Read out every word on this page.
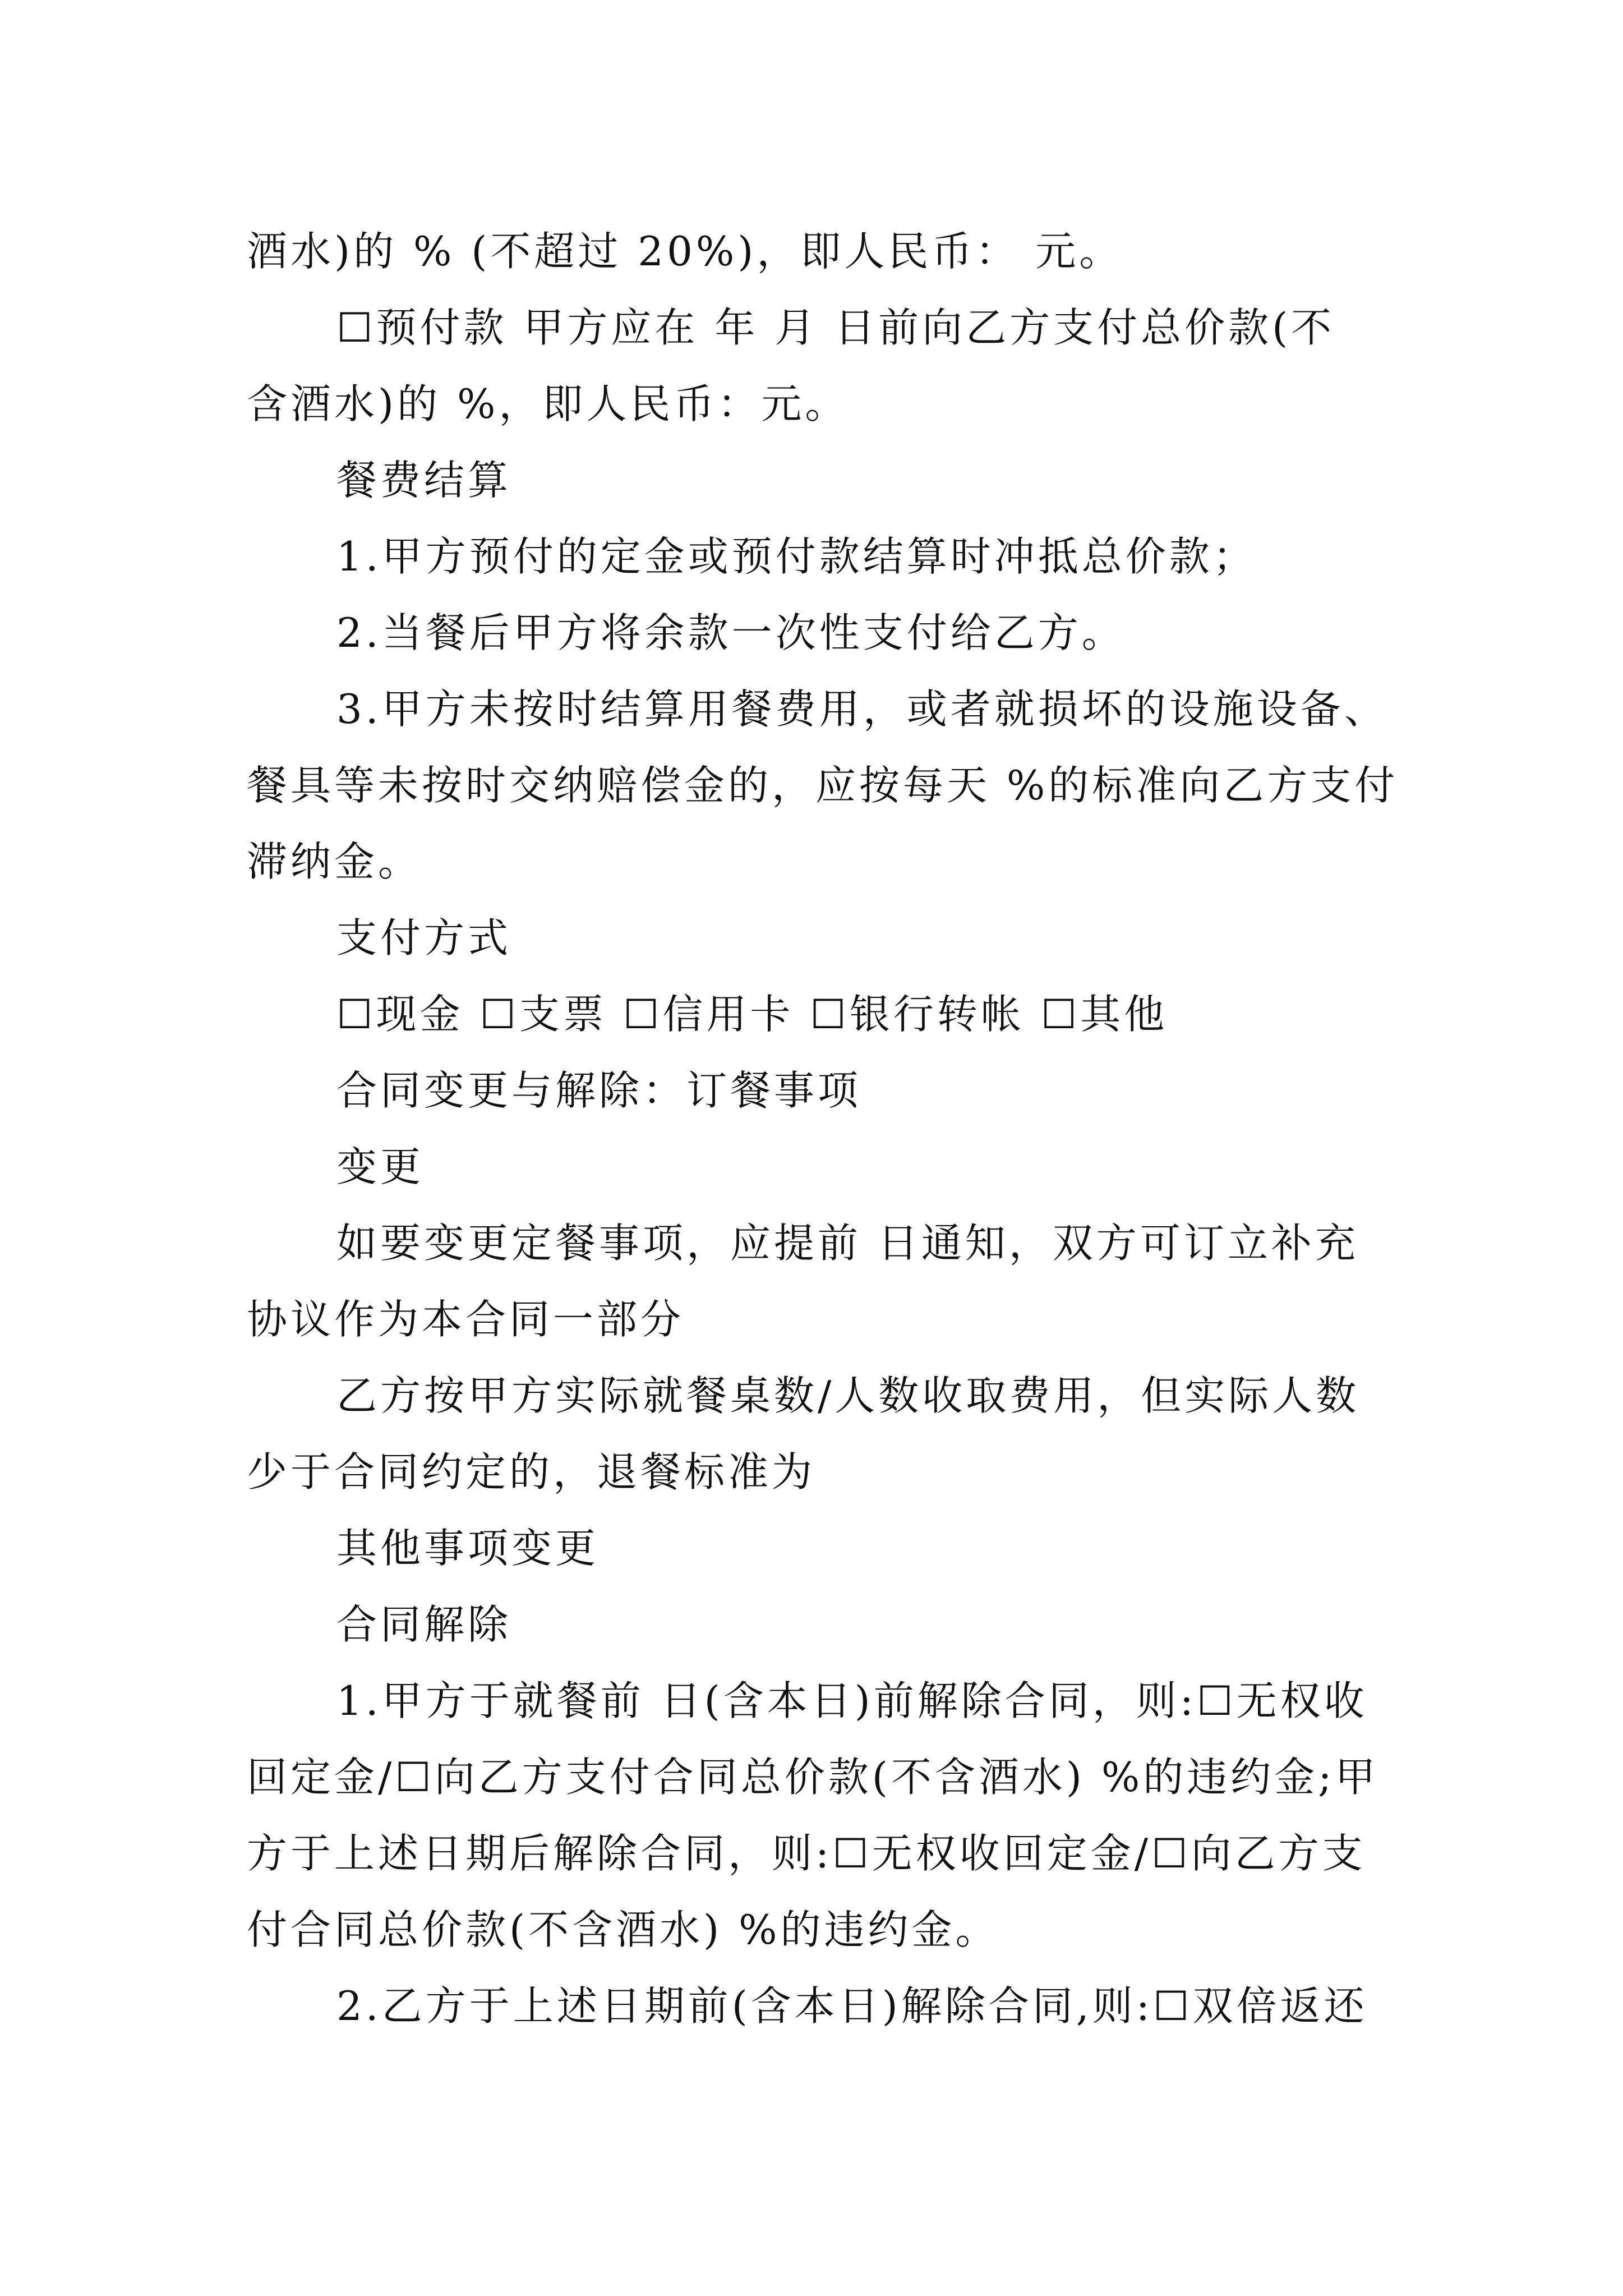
酒水)的 % (不超过 20%)，即人民币： 元。
☐预付款 甲方应在 年 月 日前向乙方支付总价款(不
含酒水)的 %，即人民币：元。
餐费结算
1.甲方预付的定金或预付款结算时冲抵总价款；
2.当餐后甲方将余款一次性支付给乙方。
3.甲方未按时结算用餐费用，或者就损坏的设施设备、
餐具等未按时交纳赔偿金的，应按每天 %的标准向乙方支付
滞纳金。
支付方式
☐现金 ☐支票 ☐信用卡 ☐银行转帐 ☐其他
合同变更与解除：订餐事项
变更
如要变更定餐事项，应提前 日通知，双方可订立补充
协议作为本合同一部分
乙方按甲方实际就餐桌数/人数收取费用，但实际人数
少于合同约定的，退餐标准为
其他事项变更
合同解除
1.甲方于就餐前 日(含本日)前解除合同，则:☐无权收
回定金/☐向乙方支付合同总价款(不含酒水) %的违约金;甲
方于上述日期后解除合同，则:☐无权收回定金/☐向乙方支
付合同总价款(不含酒水) %的违约金。
2.乙方于上述日期前(含本日)解除合同,则:☐双倍返还
